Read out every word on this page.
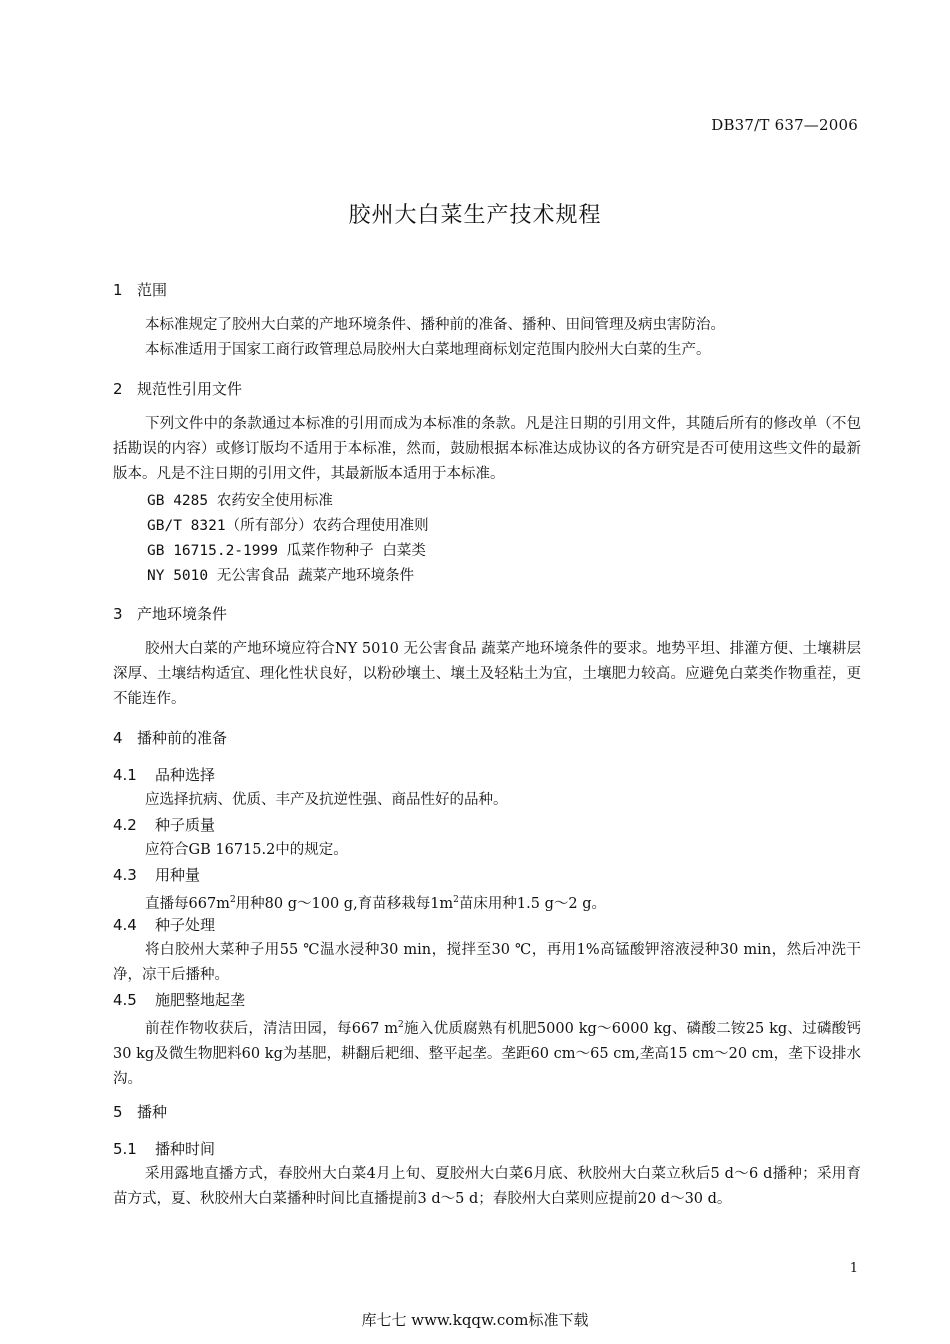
DB37/T 637—2006
胶州大白菜生产技术规程
1 范围
本标准规定了胶州大白菜的产地环境条件、播种前的准备、播种、田间管理及病虫害防治。
本标准适用于国家工商行政管理总局胶州大白菜地理商标划定范围内胶州大白菜的生产。
2 规范性引用文件
下列文件中的条款通过本标准的引用而成为本标准的条款。凡是注日期的引用文件，其随后所有的修改单（不包括勘误的内容）或修订版均不适用于本标准，然而，鼓励根据本标准达成协议的各方研究是否可使用这些文件的最新版本。凡是不注日期的引用文件，其最新版本适用于本标准。
GB 4285 农药安全使用标准
GB/T 8321（所有部分）农药合理使用准则
GB 16715.2-1999 瓜菜作物种子 白菜类
NY 5010 无公害食品 蔬菜产地环境条件
3 产地环境条件
胶州大白菜的产地环境应符合NY 5010 无公害食品 蔬菜产地环境条件的要求。地势平坦、排灌方便、土壤耕层深厚、土壤结构适宜、理化性状良好，以粉砂壤土、壤土及轻粘土为宜，土壤肥力较高。应避免白菜类作物重茬，更不能连作。
4 播种前的准备
4.1 品种选择
应选择抗病、优质、丰产及抗逆性强、商品性好的品种。
4.2 种子质量
应符合GB 16715.2中的规定。
4.3 用种量
直播每$667m^2$用种80 g～100 g,育苗移栽每$1m^2$苗床用种1.5 g～2 g。
4.4 种子处理
将白胶州大菜种子用55 ℃温水浸种30 min，搅拌至30 ℃，再用1%高锰酸钾溶液浸种30 min，然后冲洗干净，凉干后播种。
4.5 施肥整地起垄
前茬作物收获后，清洁田园，每667 $m^2$施入优质腐熟有机肥5000 kg～6000 kg、磷酸二铵25 kg、过磷酸钙30 kg及微生物肥料60 kg为基肥，耕翻后耙细、整平起垄。垄距60 cm～65 cm,垄高15 cm～20 cm，垄下设排水沟。
5 播种
5.1 播种时间
采用露地直播方式，春胶州大白菜4月上旬、夏胶州大白菜6月底、秋胶州大白菜立秋后5 d～6 d播种；采用育苗方式，夏、秋胶州大白菜播种时间比直播提前3 d～5 d；春胶州大白菜则应提前20 d～30 d。
1
库七七 www.kqqw.com标准下载
